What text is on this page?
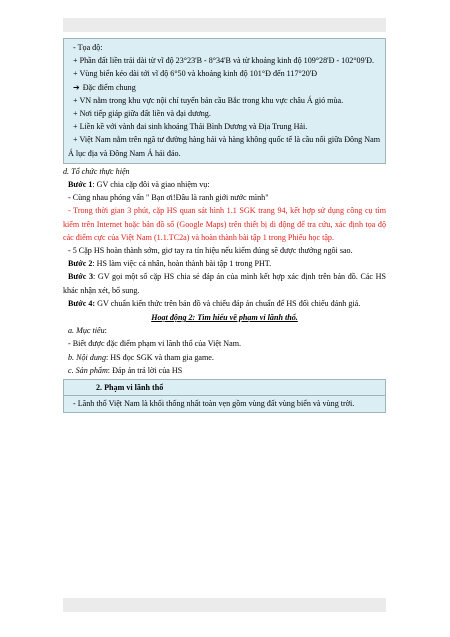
- Tọa độ:

+ Phần đất liền trải dài từ vĩ độ 23°23'B - 8°34'B và từ khoảng kinh độ 109°28'Đ - 102°09'Đ.

+ Vùng biển kéo dài tới vĩ độ 6°50 và khoảng kinh độ 101°Đ đến 117°20'Đ

➔ Đặc điểm chung

+ VN nằm trong khu vực nội chí tuyến bán cầu Bắc trong khu vực châu Á gió mùa.

+ Nơi tiếp giáp giữa đất liền và đại dương.

+ Liền kề với vành đai sinh khoáng Thái Bình Dương và Địa Trung Hải.

+ Việt Nam nằm trên ngã tư đường hàng hải và hàng không quốc tế là cầu nối giữa Đông Nam Á lục địa và Đông Nam Á hải đảo.

d. Tổ chức thực hiện

Bước 1: GV chia cặp đôi và giao nhiệm vụ:

- Cùng nhau phóng vấn " Bạn ơi!Đâu là ranh giới nước mình"

- Trong thời gian 3 phút, cặp HS quan sát hình 1.1 SGK trang 94, kết hợp sử dụng công cụ tìm kiếm trên Internet hoặc bản đồ số (Google Maps) trên thiết bị di động để tra cứu, xác định tọa độ các điểm cực của Việt Nam (1.1.TC2a) và hoàn thành bài tập 1 trong Phiếu học tập.

- 5 Cặp HS hoàn thành sớm, giơ tay ra tín hiệu nếu kiểm đúng sẽ được thưởng ngôi sao.

Bước 2: HS làm việc cá nhân, hoàn thành bài tập 1 trong PHT.

Bước 3: GV gọi một số cặp HS chia sẻ đáp án của mình kết hợp xác định trên bản đồ. Các HS khác nhận xét, bổ sung.

Bước 4: GV chuẩn kiến thức trên bản đồ và chiếu đáp án chuẩn để HS đối chiếu đánh giá.

Hoạt động 2: Tìm hiểu về phạm vi lãnh thổ.

a. Mục tiêu:

- Biết được đặc điểm phạm vi lãnh thổ của Việt Nam.

b. Nội dung: HS đọc SGK và tham gia game.

c. Sản phẩm: Đáp án trả lời của HS

2. Phạm vi lãnh thổ

- Lãnh thổ Việt Nam là khối thống nhất toàn vẹn gồm vùng đất vùng biển và vùng trời.
